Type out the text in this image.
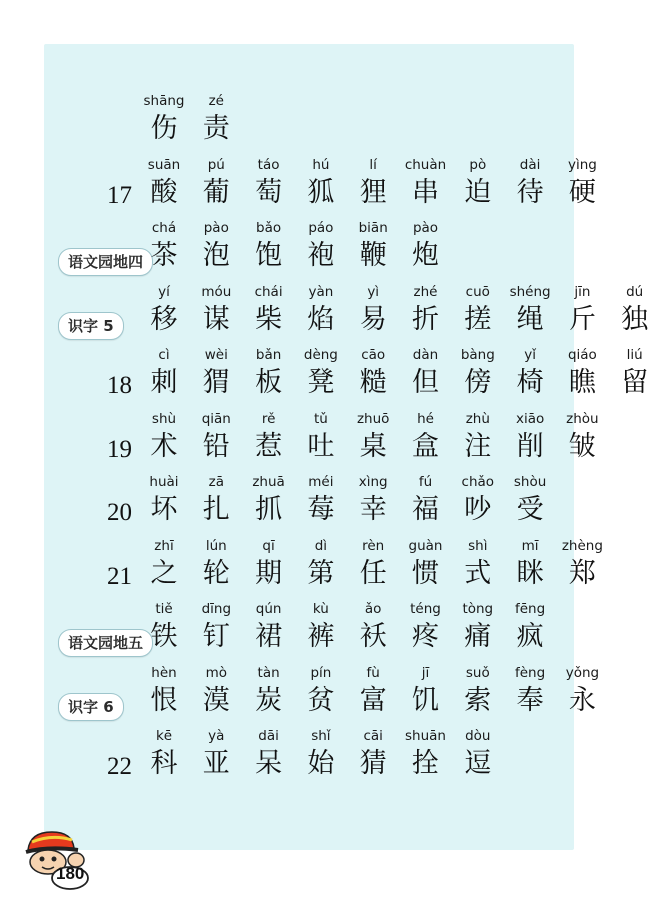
shāng
伤
zé
责
17
suān
酸
pú
葡
táo
萄
hú
狐
lí
狸
chuàn
串
pò
迫
dài
待
yìng
硬
语文园地四
chá
茶
pào
泡
bǎo
饱
páo
袍
biān
鞭
pào
炮
识字 5
yí
移
móu
谋
chái
柴
yàn
焰
yì
易
zhé
折
cuō
搓
shéng
绳
jīn
斤
dú
独
18
cì
刺
wèi
猬
bǎn
板
dèng
凳
cāo
糙
dàn
但
bàng
傍
yǐ
椅
qiáo
瞧
liú
留
19
shù
术
qiān
铅
rě
惹
tǔ
吐
zhuō
桌
hé
盒
zhù
注
xiāo
削
zhòu
皱
20
huài
坏
zā
扎
zhuā
抓
méi
莓
xìng
幸
fú
福
chǎo
吵
shòu
受
21
zhī
之
lún
轮
qī
期
dì
第
rèn
任
guàn
惯
shì
式
mī
眯
zhèng
郑
语文园地五
tiě
铁
dīng
钉
qún
裙
kù
裤
ǎo
袄
téng
疼
tòng
痛
fēng
疯
识字 6
hèn
恨
mò
漠
tàn
炭
pín
贫
fù
富
jī
饥
suǒ
索
fèng
奉
yǒng
永
22
kē
科
yà
亚
dāi
呆
shǐ
始
cāi
猜
shuān
拴
dòu
逗
180
